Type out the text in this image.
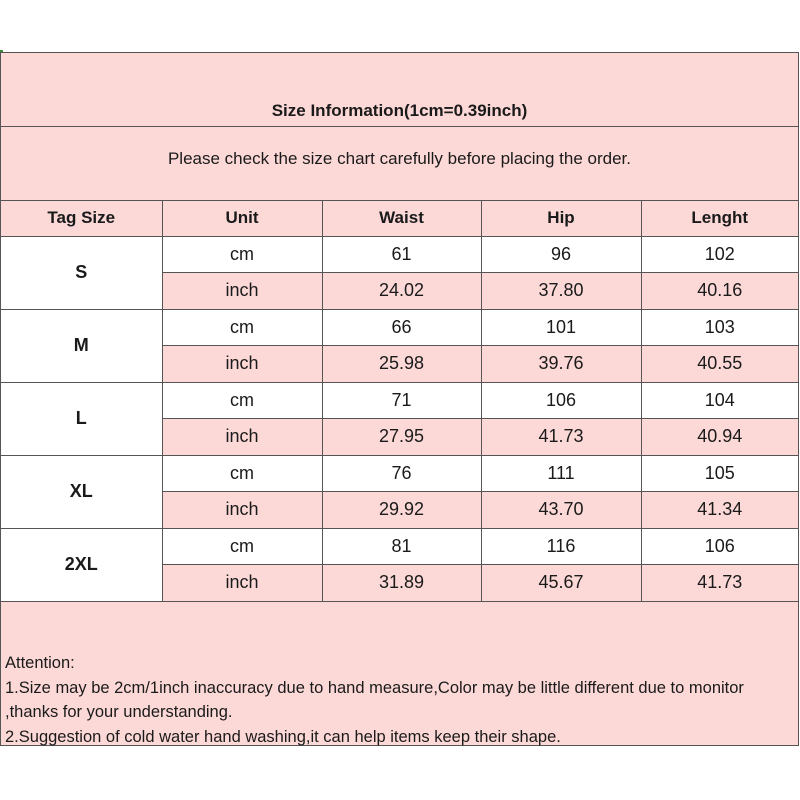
Size Information(1cm=0.39inch)
Please check the size chart carefully before placing the order.
Tag Size	Unit	Waist	Hip	Lenght
S	cm	61	96	102
	inch	24.02	37.80	40.16
M	cm	66	101	103
	inch	25.98	39.76	40.55
L	cm	71	106	104
	inch	27.95	41.73	40.94
XL	cm	76	111	105
	inch	29.92	43.70	41.34
2XL	cm	81	116	106
	inch	31.89	45.67	41.73
Attention:
1.Size may be 2cm/1inch inaccuracy due to hand measure,Color may be little different due to monitor ,thanks for your understanding.
2.Suggestion of cold water hand washing,it can help items keep their shape.
